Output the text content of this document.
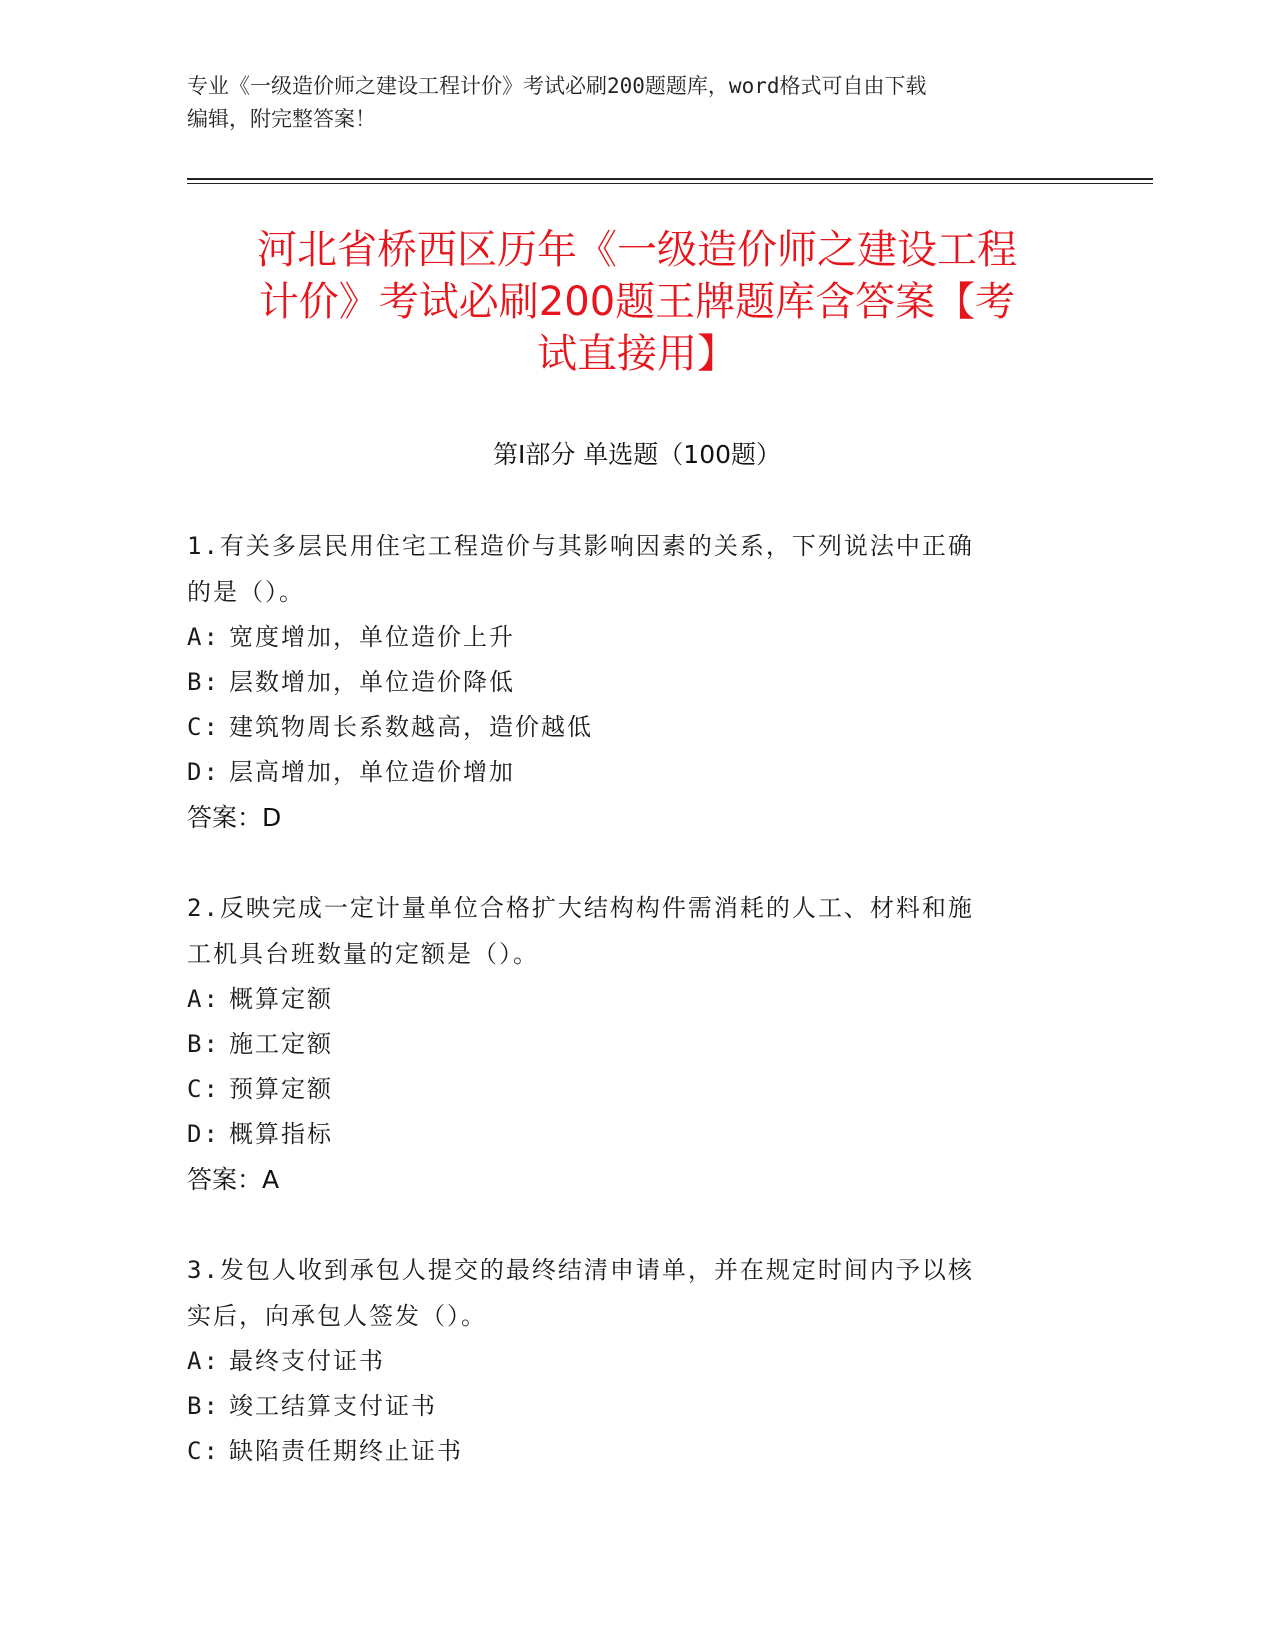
专业《一级造价师之建设工程计价》考试必刷200题题库，word格式可自由下载
编辑，附完整答案！
河北省桥西区历年《一级造价师之建设工程
计价》考试必刷200题王牌题库含答案【考
试直接用】
第Ⅰ部分 单选题（100题）

1.有关多层民用住宅工程造价与其影响因素的关系，下列说法中正确

的是（）。

A: 宽度增加，单位造价上升

B: 层数增加，单位造价降低

C: 建筑物周长系数越高，造价越低

D: 层高增加，单位造价增加

答案：D

2.反映完成一定计量单位合格扩大结构构件需消耗的人工、材料和施

工机具台班数量的定额是（）。

A: 概算定额

B: 施工定额

C: 预算定额

D: 概算指标

答案：A

3.发包人收到承包人提交的最终结清申请单，并在规定时间内予以核

实后，向承包人签发（）。

A: 最终支付证书

B: 竣工结算支付证书

C: 缺陷责任期终止证书
